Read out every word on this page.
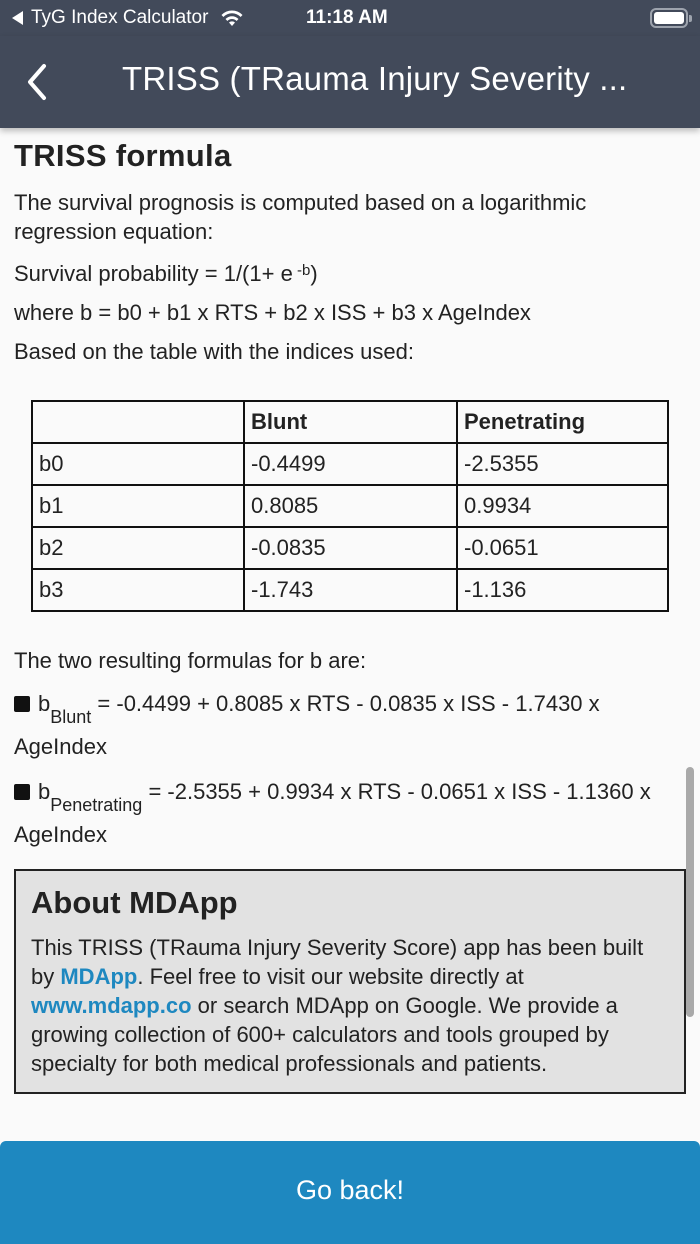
TyG Index Calculator	11:18 AM
TRISS (TRauma Injury Severity ...
TRISS formula

The survival prognosis is computed based on a logarithmic regression equation:

Survival probability = 1/(1+ e $^{-b}$)

where b = b0 + b1 x RTS + b2 x ISS + b3 x AgeIndex

Based on the table with the indices used:

	Blunt	Penetrating
b0	-0.4499	-2.5355
b1	0.8085	0.9934
b2	-0.0835	-0.0651
b3	-1.743	-1.136

The two resulting formulas for b are:

$b_{Blunt} = -0.4499 + 0.8085$ x RTS - 0.0835 x ISS - 1.7430 x AgeIndex
$b_{Penetrating} = -2.5355 + 0.9934$ x RTS - 0.0651 x ISS - 1.1360 x AgeIndex
About MDApp

This TRISS (TRauma Injury Severity Score) app has been built by MDApp. Feel free to visit our website directly at www.mdapp.co or search MDApp on Google. We provide a growing collection of 600+ calculators and tools grouped by specialty for both medical professionals and patients.

Go back!
